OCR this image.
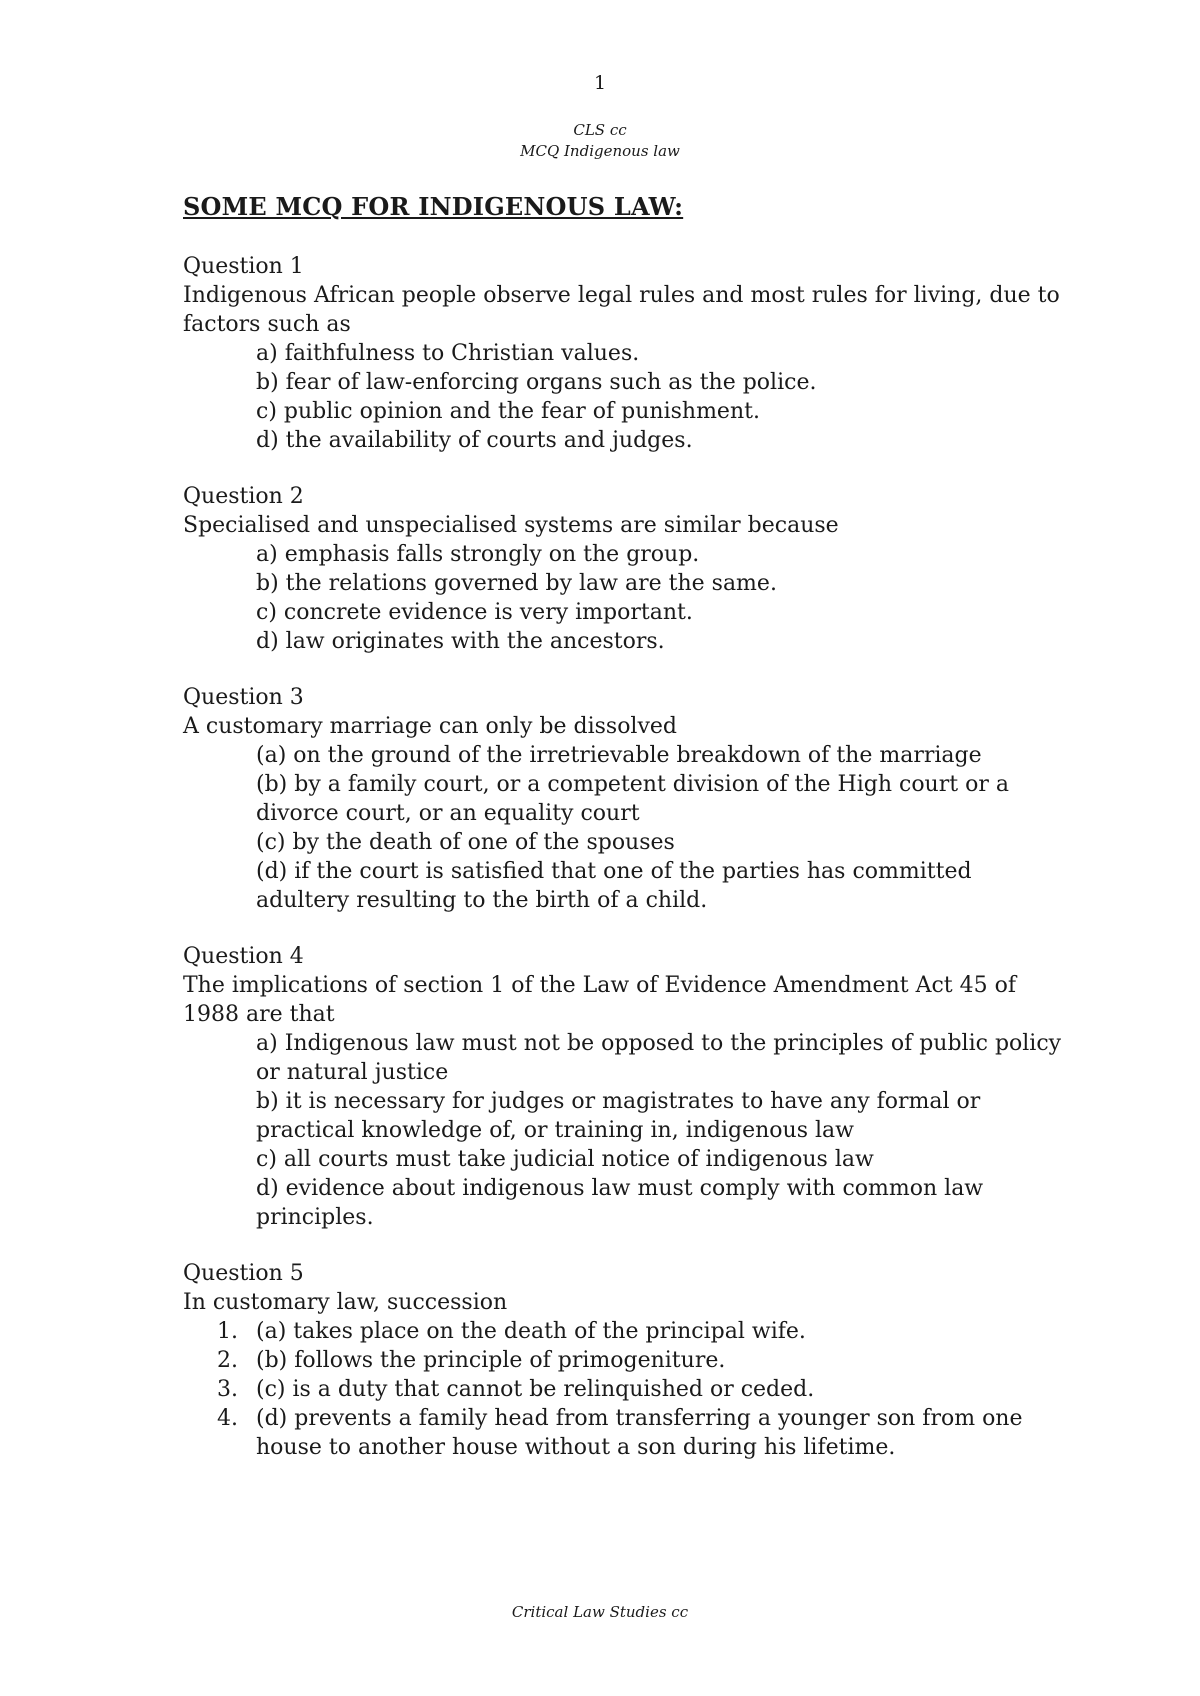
1
CLS cc
MCQ Indigenous law
SOME MCQ FOR INDIGENOUS LAW:

Question 1

Indigenous African people observe legal rules and most rules for living, due to factors such as

a) faithfulness to Christian values.
b) fear of law-enforcing organs such as the police.
c) public opinion and the fear of punishment.
d) the availability of courts and judges.

Question 2

Specialised and unspecialised systems are similar because

a) emphasis falls strongly on the group.
b) the relations governed by law are the same.
c) concrete evidence is very important.
d) law originates with the ancestors.

Question 3

A customary marriage can only be dissolved

(a) on the ground of the irretrievable breakdown of the marriage
(b) by a family court, or a competent division of the High court or a divorce court, or an equality court
(c) by the death of one of the spouses
(d) if the court is satisfied that one of the parties has committed adultery resulting to the birth of a child.

Question 4

The implications of section 1 of the Law of Evidence Amendment Act 45 of 1988 are that

a) Indigenous law must not be opposed to the principles of public policy or natural justice
b) it is necessary for judges or magistrates to have any formal or practical knowledge of, or training in, indigenous law
c) all courts must take judicial notice of indigenous law
d) evidence about indigenous law must comply with common law principles.

Question 5

In customary law, succession

1. (a) takes place on the death of the principal wife.
2. (b) follows the principle of primogeniture.
3. (c) is a duty that cannot be relinquished or ceded.
4. (d) prevents a family head from transferring a younger son from one house to another house without a son during his lifetime.
Critical Law Studies cc
